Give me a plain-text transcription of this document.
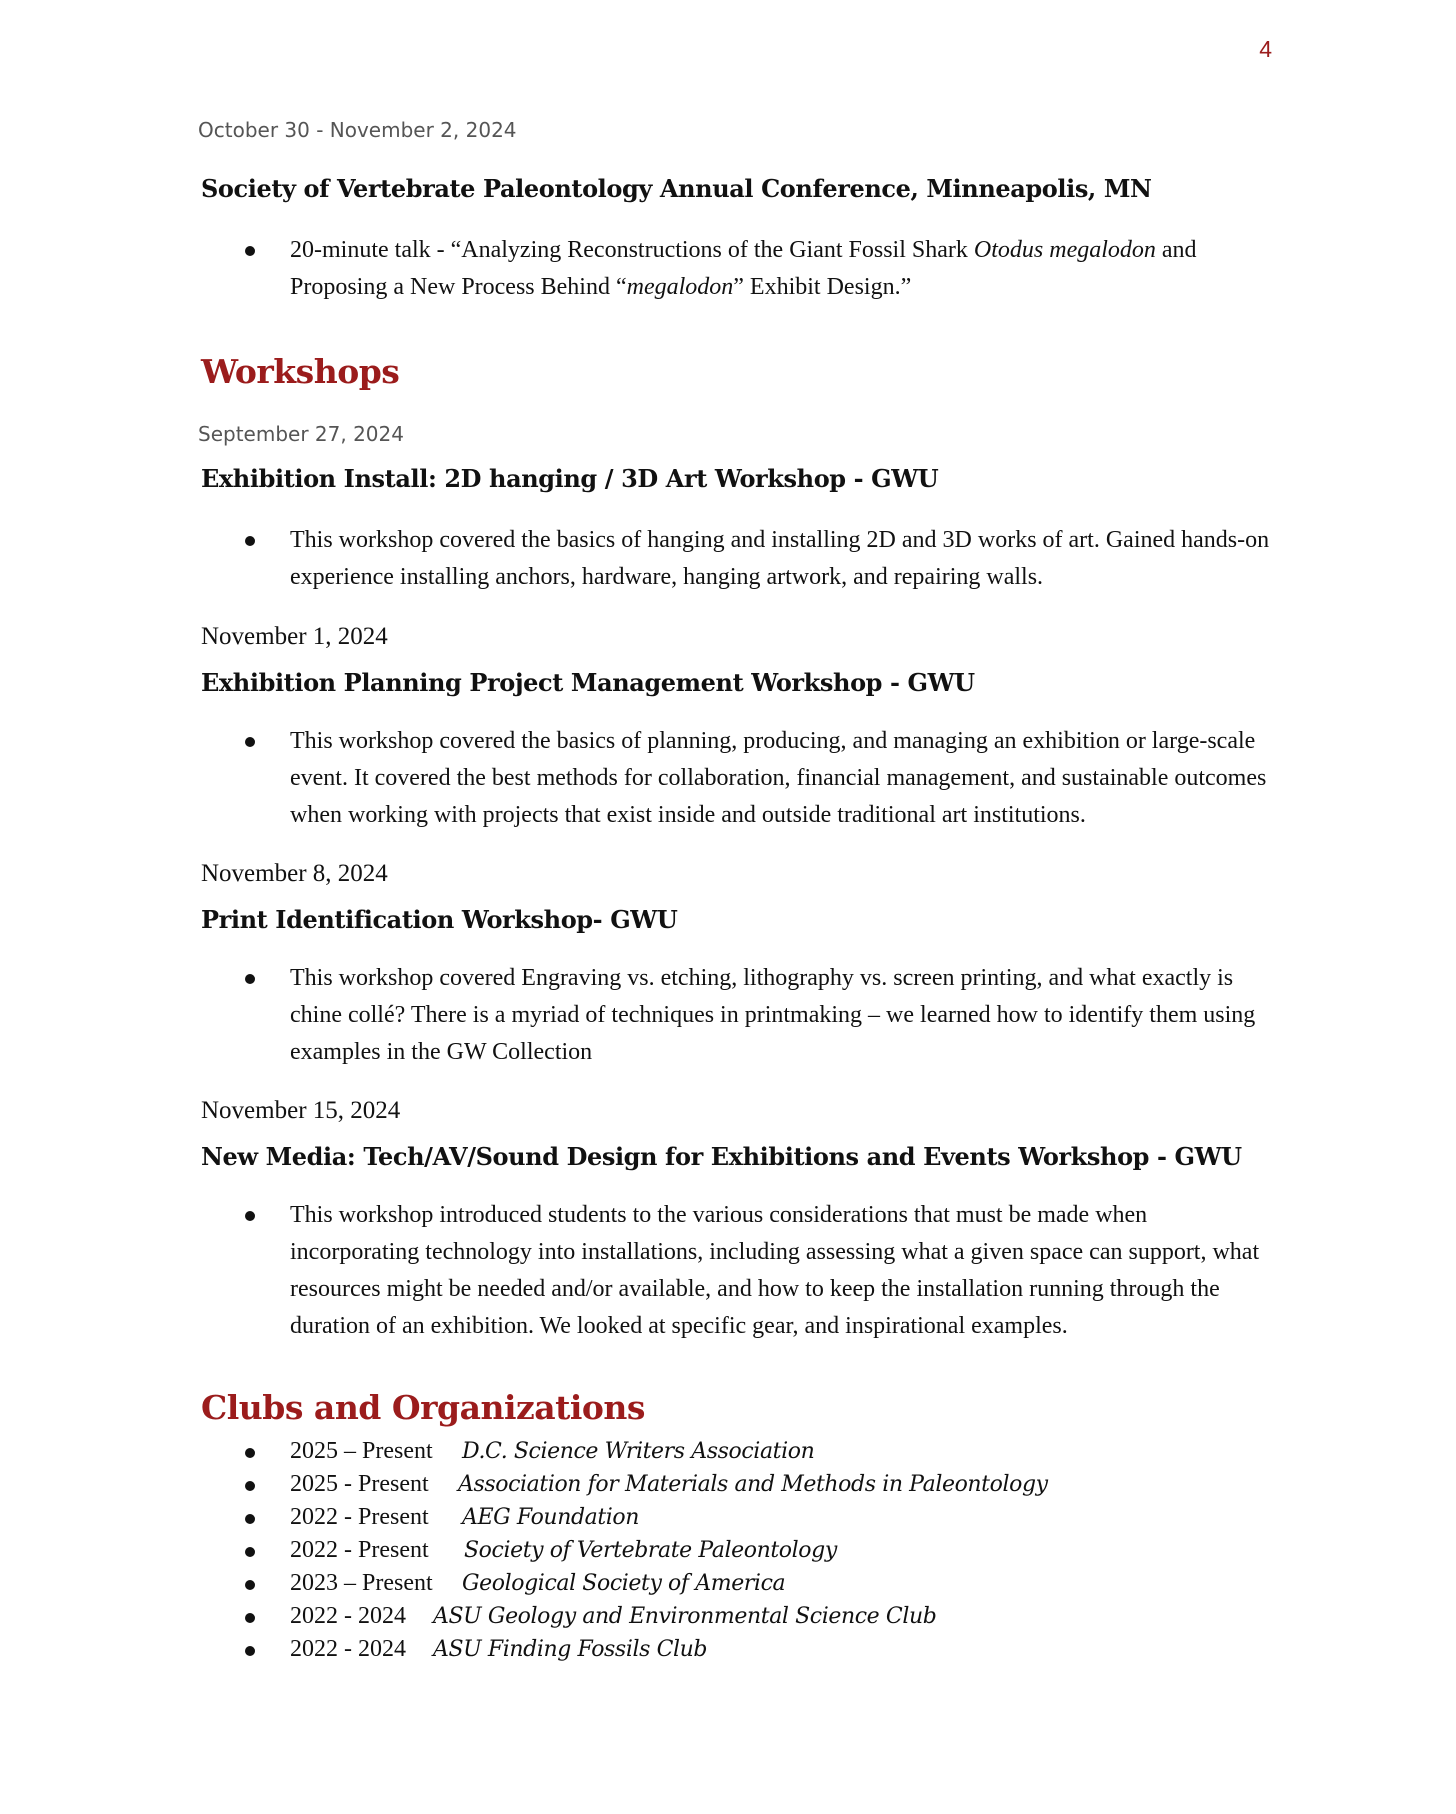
4
October 30 - November 2, 2024
Society of Vertebrate Paleontology Annual Conference, Minneapolis, MN
20-minute talk - “Analyzing Reconstructions of the Giant Fossil Shark Otodus megalodon and Proposing a New Process Behind “megalodon” Exhibit Design.”
Workshops
September 27, 2024
Exhibition Install: 2D hanging / 3D Art Workshop - GWU
This workshop covered the basics of hanging and installing 2D and 3D works of art. Gained hands-on experience installing anchors, hardware, hanging artwork, and repairing walls.
November 1, 2024
Exhibition Planning Project Management Workshop - GWU
This workshop covered the basics of planning, producing, and managing an exhibition or large-scale event. It covered the best methods for collaboration, financial management, and sustainable outcomes when working with projects that exist inside and outside traditional art institutions.
November 8, 2024
Print Identification Workshop- GWU
This workshop covered Engraving vs. etching, lithography vs. screen printing, and what exactly is chine collé? There is a myriad of techniques in printmaking – we learned how to identify them using examples in the GW Collection
November 15, 2024
New Media: Tech/AV/Sound Design for Exhibitions and Events Workshop - GWU
This workshop introduced students to the various considerations that must be made when incorporating technology into installations, including assessing what a given space can support, what resources might be needed and/or available, and how to keep the installation running through the duration of an exhibition. We looked at specific gear, and inspirational examples.
Clubs and Organizations
2025 – Present D.C. Science Writers Association
2025 - Present Association for Materials and Methods in Paleontology
2022 - Present AEG Foundation
2022 - Present Society of Vertebrate Paleontology
2023 – Present Geological Society of America
2022 - 2024 ASU Geology and Environmental Science Club
2022 - 2024 ASU Finding Fossils Club
